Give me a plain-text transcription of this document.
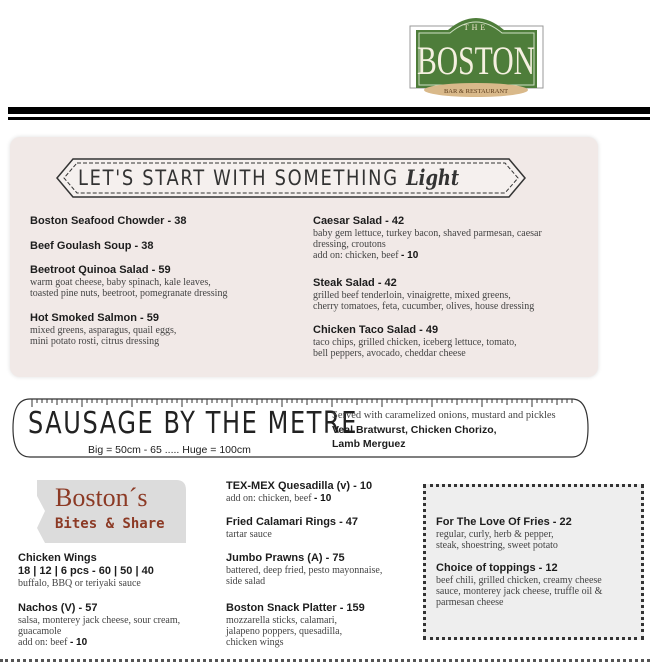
THE
BOSTON
BAR & RESTAURANT
LET'S START WITH SOMETHING Light
Boston Seafood Chowder - 38
Beef Goulash Soup - 38
Beetroot Quinoa Salad - 59
warm goat cheese, baby spinach, kale leaves,
toasted pine nuts, beetroot, pomegranate dressing
Hot Smoked Salmon - 59
mixed greens, asparagus, quail eggs,
mini potato rosti, citrus dressing
Caesar Salad - 42
baby gem lettuce, turkey bacon, shaved parmesan, caesar
dressing, croutons
add on: chicken, beef - 10
Steak Salad - 42
grilled beef tenderloin, vinaigrette, mixed greens,
cherry tomatoes, feta, cucumber, olives, house dressing
Chicken Taco Salad - 49
taco chips, grilled chicken, iceberg lettuce, tomato,
bell peppers, avocado, cheddar cheese
SAUSAGE BY THE METRE
Big = 50cm - 65 ..... Huge = 100cm
Served with caramelized onions, mustard and pickles
Veal Bratwurst, Chicken Chorizo,
Lamb Merguez
Boston´s
Bites & Share
Chicken Wings
18 | 12 | 6 pcs - 60 | 50 | 40
buffalo, BBQ or teriyaki sauce
Nachos (V) - 57
salsa, monterey jack cheese, sour cream,
guacamole
add on: beef - 10
TEX-MEX Quesadilla (v) - 10
add on: chicken, beef - 10
Fried Calamari Rings - 47
tartar sauce
Jumbo Prawns (A) - 75
battered, deep fried, pesto mayonnaise,
side salad
Boston Snack Platter - 159
mozzarella sticks, calamari,
jalapeno poppers, quesadilla,
chicken wings
For The Love Of Fries - 22
regular, curly, herb & pepper,
steak, shoestring, sweet potato
Choice of toppings - 12
beef chili, grilled chicken, creamy cheese
sauce, monterey jack cheese, truffle oil &
parmesan cheese
